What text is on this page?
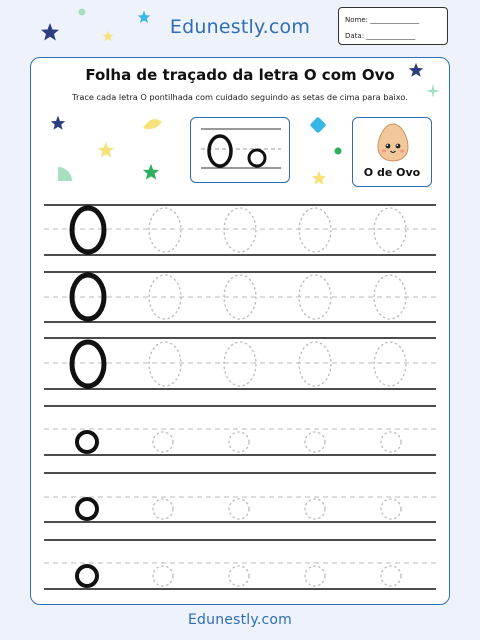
Edunestly.com	Nome: ______________
Data: ______________
Folha de traçado da letra O com Ovo
Trace cada letra O pontilhada com cuidado seguindo as setas de cima para baixo.
O de Ovo
Edunestly.com
